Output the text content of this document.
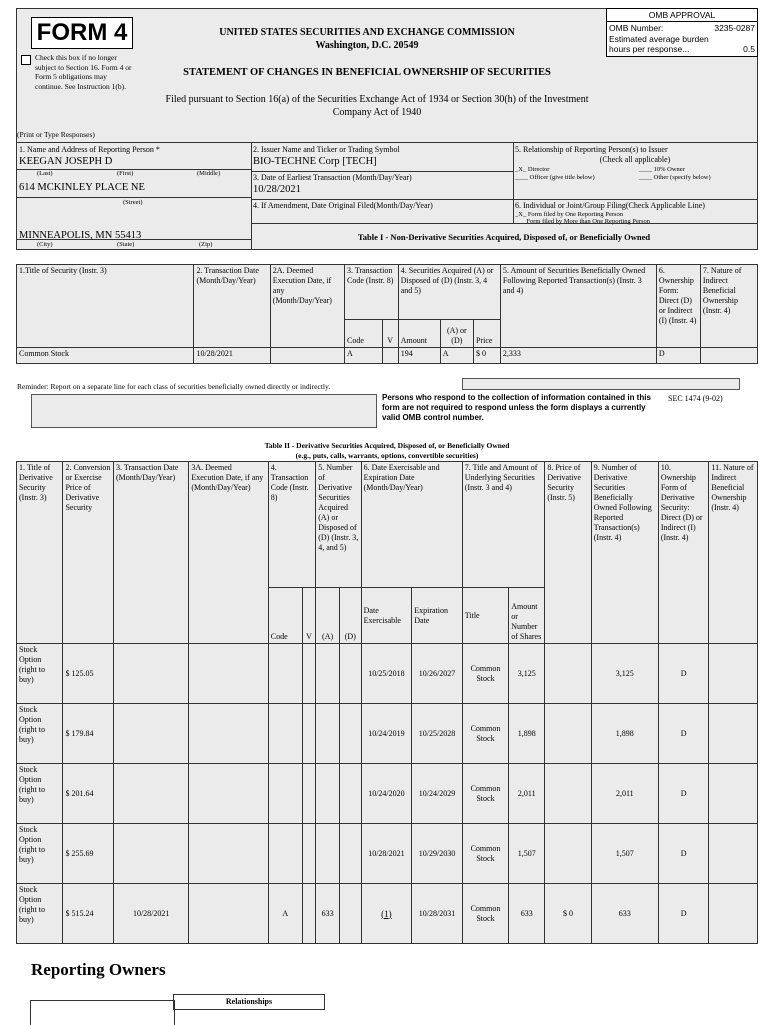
FORM 4
Check this box if no longer subject to Section 16. Form 4 or Form 5 obligations may continue. See Instruction 1(b).
UNITED STATES SECURITIES AND EXCHANGE COMMISSION
Washington, D.C. 20549
STATEMENT OF CHANGES IN BENEFICIAL OWNERSHIP OF SECURITIES
Filed pursuant to Section 16(a) of the Securities Exchange Act of 1934 or Section 30(h) of the Investment Company Act of 1940
OMB APPROVAL
OMB Number:	3235-0287
Estimated average burden
hours per response...	0.5
(Print or Type Responses)
1. Name and Address of Reporting Person *
KEEGAN JOSEPH D
(Last)	(First)	(Middle)
614 MCKINLEY PLACE NE
(Street)
MINNEAPOLIS, MN 55413
2. Issuer Name and Ticker or Trading Symbol
BIO-TECHNE Corp [TECH]
3. Date of Earliest Transaction (Month/Day/Year)
10/28/2021
4. If Amendment, Date Original Filed(Month/Day/Year)
5. Relationship of Reporting Person(s) to Issuer
(Check all applicable)
_X_ Director	____ 10% Owner
____ Officer (give title below)	____ Other (specify below)
6. Individual or Joint/Group Filing(Check Applicable Line)
_X_ Form filed by One Reporting Person
___ Form filed by More than One Reporting Person
(City)	(State)	(Zip)
Table I - Non-Derivative Securities Acquired, Disposed of, or Beneficially Owned
1.Title of Security (Instr. 3)	2. Transaction Date (Month/Day/Year)	2A. Deemed Execution Date, if any (Month/Day/Year)	3. Transaction Code (Instr. 8)		4. Securities Acquired (A) or Disposed of (D) (Instr. 3, 4 and 5)			5. Amount of Securities Beneficially Owned Following Reported Transaction(s) (Instr. 3 and 4)	6. Ownership Form: Direct (D) or Indirect (I) (Instr. 4)	7. Nature of Indirect Beneficial Ownership (Instr. 4)
			Code	V	Amount	(A) or (D)	Price			
Common Stock	10/28/2021		A		194	A	$ 0	2,333	D	
Reminder: Report on a separate line for each class of securities beneficially owned directly or indirectly.
Persons who respond to the collection of information contained in this form are not required to respond unless the form displays a currently valid OMB control number.
SEC 1474 (9-02)
Table II - Derivative Securities Acquired, Disposed of, or Beneficially Owned
(e.g., puts, calls, warrants, options, convertible securities)
1. Title of Derivative Security (Instr. 3)	2. Conversion or Exercise Price of Derivative Security	3. Transaction Date (Month/Day/Year)	3A. Deemed Execution Date, if any (Month/Day/Year)	4. Transaction Code (Instr. 8)		5. Number of Derivative Securities Acquired (A) or Disposed of (D) (Instr. 3, 4, and 5)		6. Date Exercisable and Expiration Date (Month/Day/Year)		7. Title and Amount of Underlying Securities (Instr. 3 and 4)		8. Price of Derivative Security (Instr. 5)	9. Number of Derivative Securities Beneficially Owned Following Reported Transaction(s) (Instr. 4)	10. Ownership Form of Derivative Security: Direct (D) or Indirect (I) (Instr. 4)	11. Nature of Indirect Beneficial Ownership (Instr. 4)
				Code	V	(A)	(D)	Date Exercisable	Expiration Date	Title	Amount or Number of Shares				
Stock Option (right to buy)	$ 125.05							10/25/2018	10/26/2027	Common Stock	3,125		3,125	D	
Stock Option (right to buy)	$ 179.84							10/24/2019	10/25/2028	Common Stock	1,898		1,898	D	
Stock Option (right to buy)	$ 201.64							10/24/2020	10/24/2029	Common Stock	2,011		2,011	D	
Stock Option (right to buy)	$ 255.69							10/28/2021	10/29/2030	Common Stock	1,507		1,507	D	
Stock Option (right to buy)	$ 515.24	10/28/2021		A		633		(1)	10/28/2031	Common Stock	633	$ 0	633	D	
Reporting Owners
Relationships
